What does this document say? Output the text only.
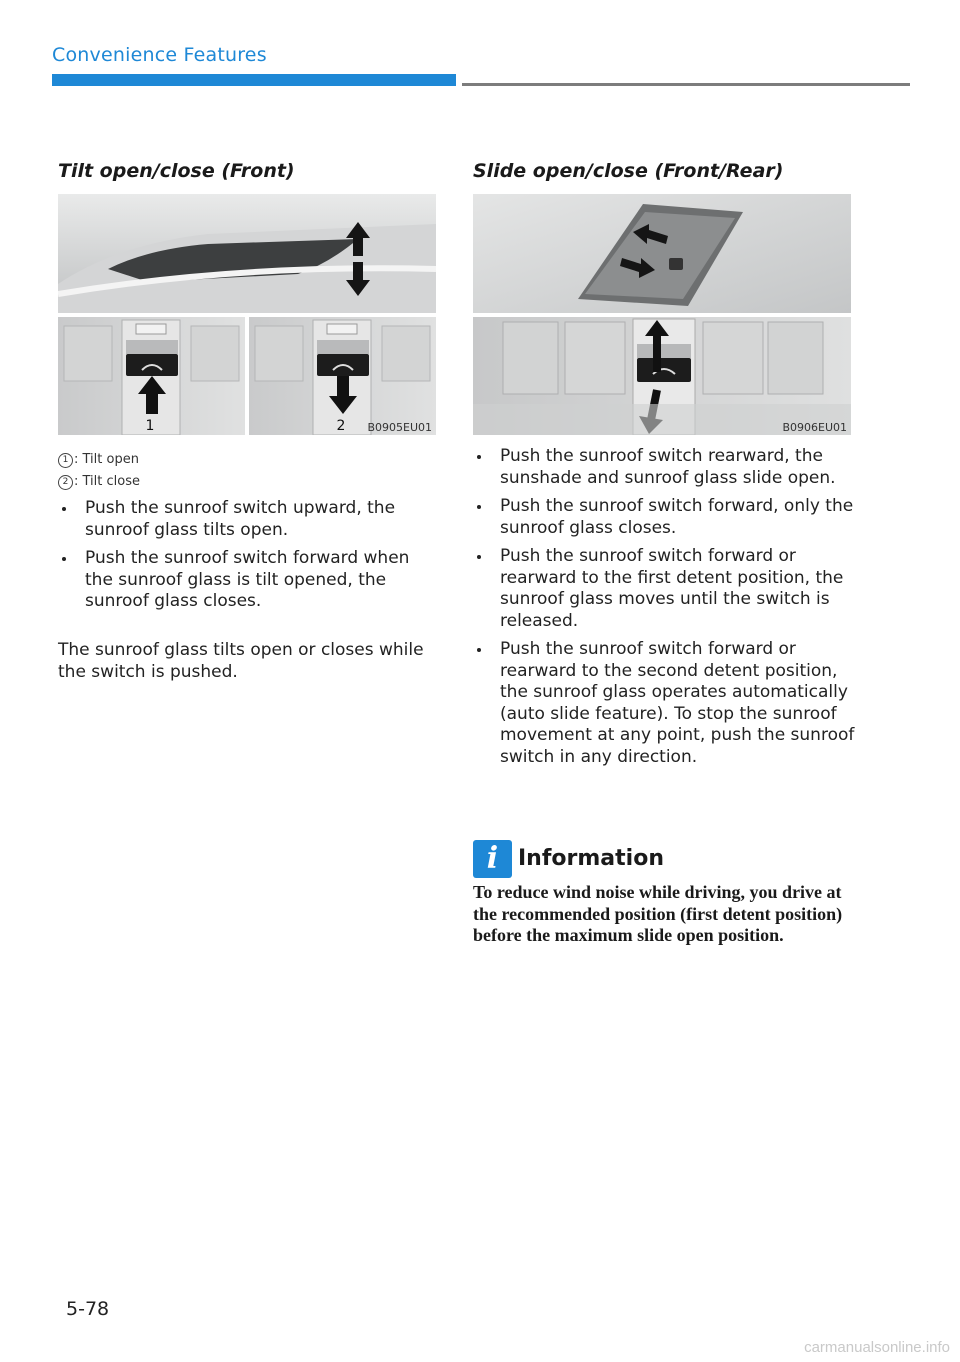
Convenience Features
Tilt open/close (Front)
1	2 B0905EU01
1 : Tilt open
2 : Tilt close
Push the sunroof switch upward, the sunroof glass tilts open.
Push the sunroof switch forward when the sunroof glass is tilt opened, the sunroof glass closes.
The sunroof glass tilts open or closes while the switch is pushed.
Slide open/close (Front/Rear)
B0906EU01
Push the sunroof switch rearward, the sunshade and sunroof glass slide open.
Push the sunroof switch forward, only the sunroof glass closes.
Push the sunroof switch forward or rearward to the first detent position, the sunroof glass moves until the switch is released.
Push the sunroof switch forward or rearward to the second detent position, the sunroof glass operates automatically (auto slide feature). To stop the sunroof movement at any point, push the sunroof switch in any direction.
i Information
To reduce wind noise while driving, you drive at the recommended position (first detent position) before the maximum slide open position.
5-78
carmanualsonline.info
